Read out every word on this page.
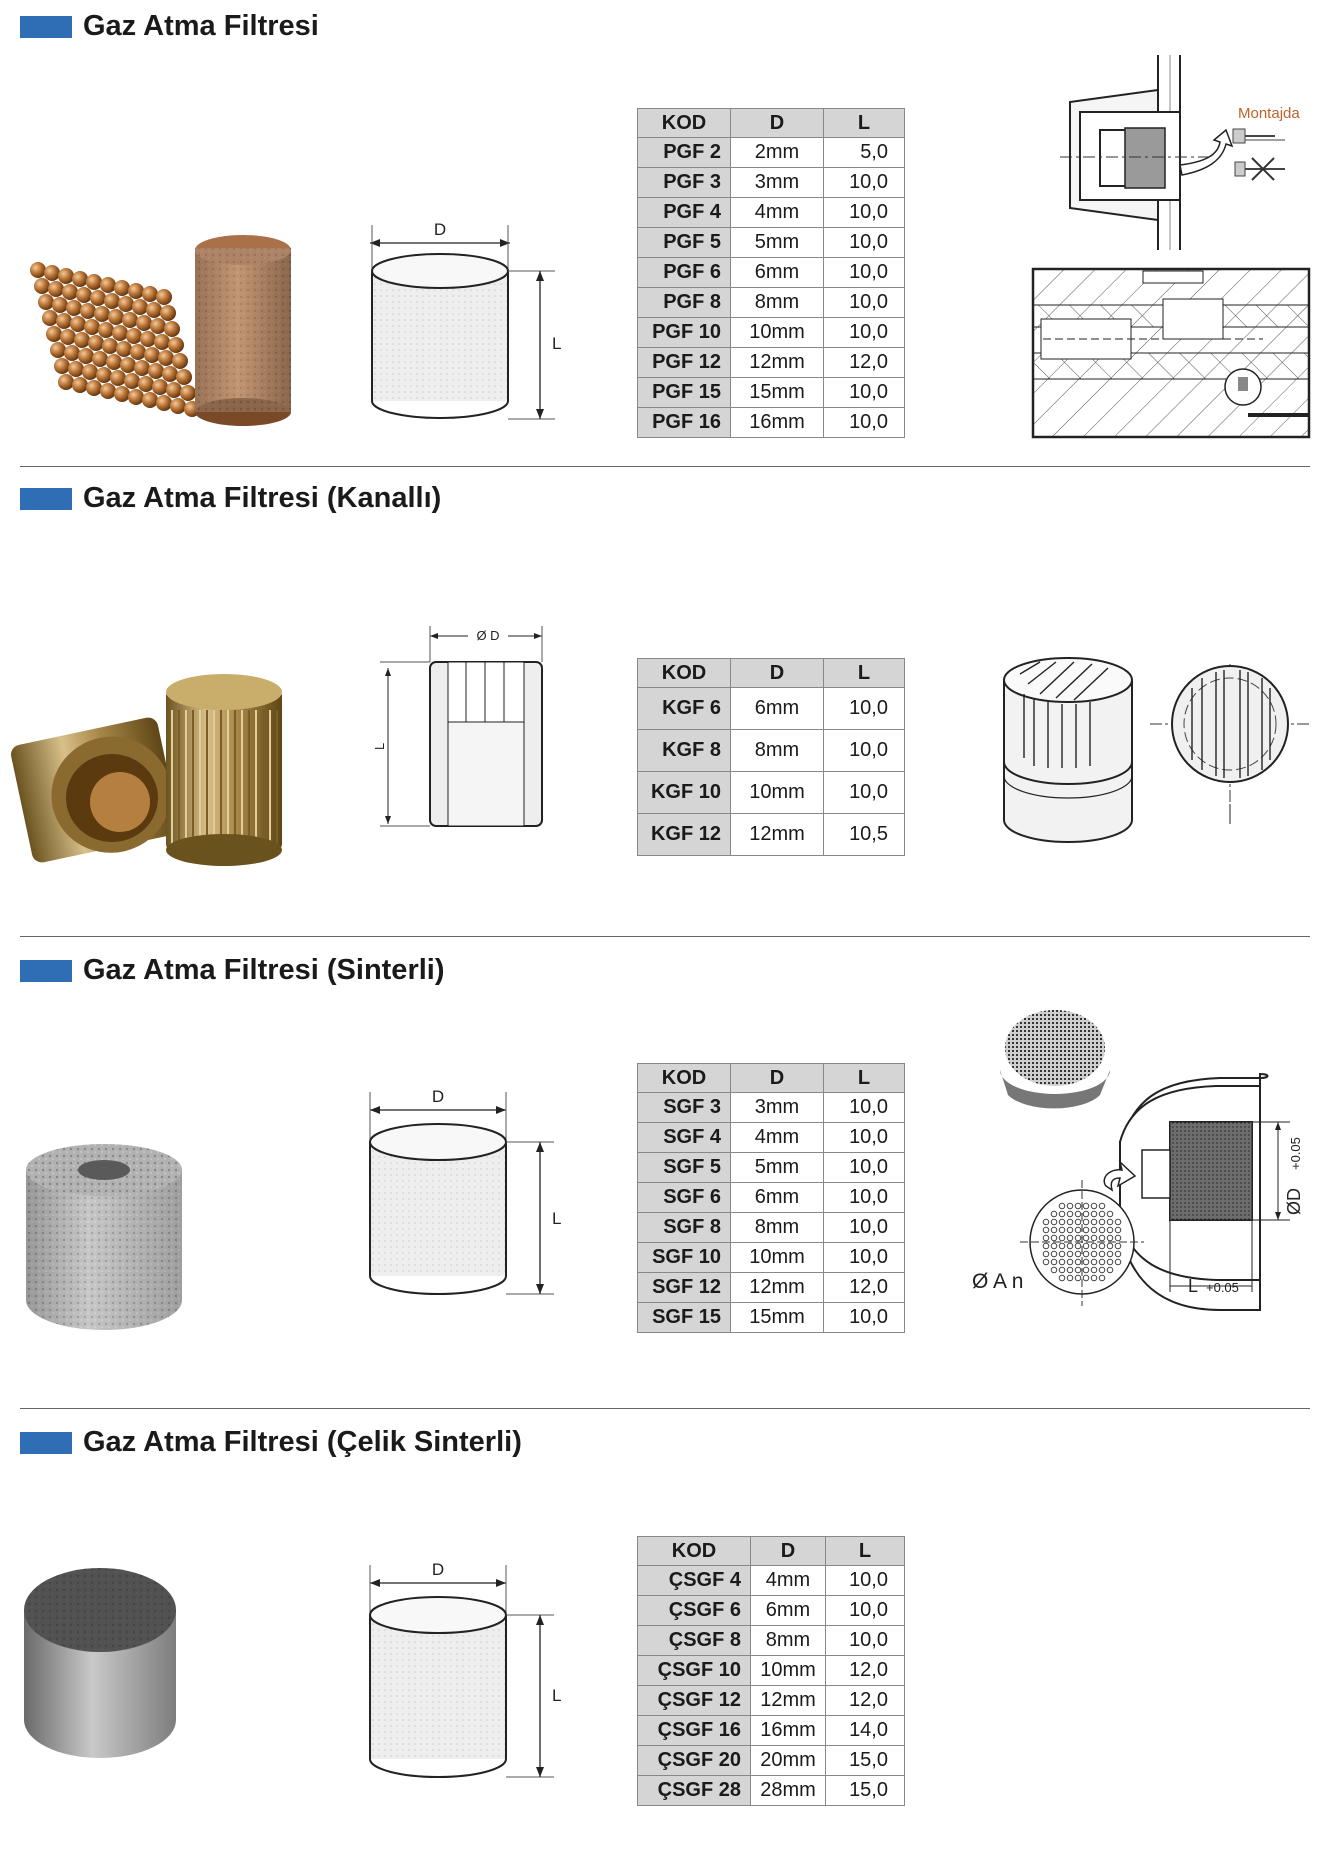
Gaz Atma Filtresi
D
L
KOD	D	L
PGF 2	2mm	5,0
PGF 3	3mm	10,0
PGF 4	4mm	10,0
PGF 5	5mm	10,0
PGF 6	6mm	10,0
PGF 8	8mm	10,0
PGF 10	10mm	10,0
PGF 12	12mm	12,0
PGF 15	15mm	10,0
PGF 16	16mm	10,0
Montajda
Gaz Atma Filtresi (Kanallı)
Ø D
L
KOD	D	L
KGF 6	6mm	10,0
KGF 8	8mm	10,0
KGF 10	10mm	10,0
KGF 12	12mm	10,5
Gaz Atma Filtresi (Sinterli)
D
L
KOD	D	L
SGF 3	3mm	10,0
SGF 4	4mm	10,0
SGF 5	5mm	10,0
SGF 6	6mm	10,0
SGF 8	8mm	10,0
SGF 10	10mm	10,0
SGF 12	12mm	12,0
SGF 15	15mm	10,0
ØD
+0.05
L +0.05
Ø A n
Gaz Atma Filtresi (Çelik Sinterli)
D
L
KOD	D	L
ÇSGF 4	4mm	10,0
ÇSGF 6	6mm	10,0
ÇSGF 8	8mm	10,0
ÇSGF 10	10mm	12,0
ÇSGF 12	12mm	12,0
ÇSGF 16	16mm	14,0
ÇSGF 20	20mm	15,0
ÇSGF 28	28mm	15,0
